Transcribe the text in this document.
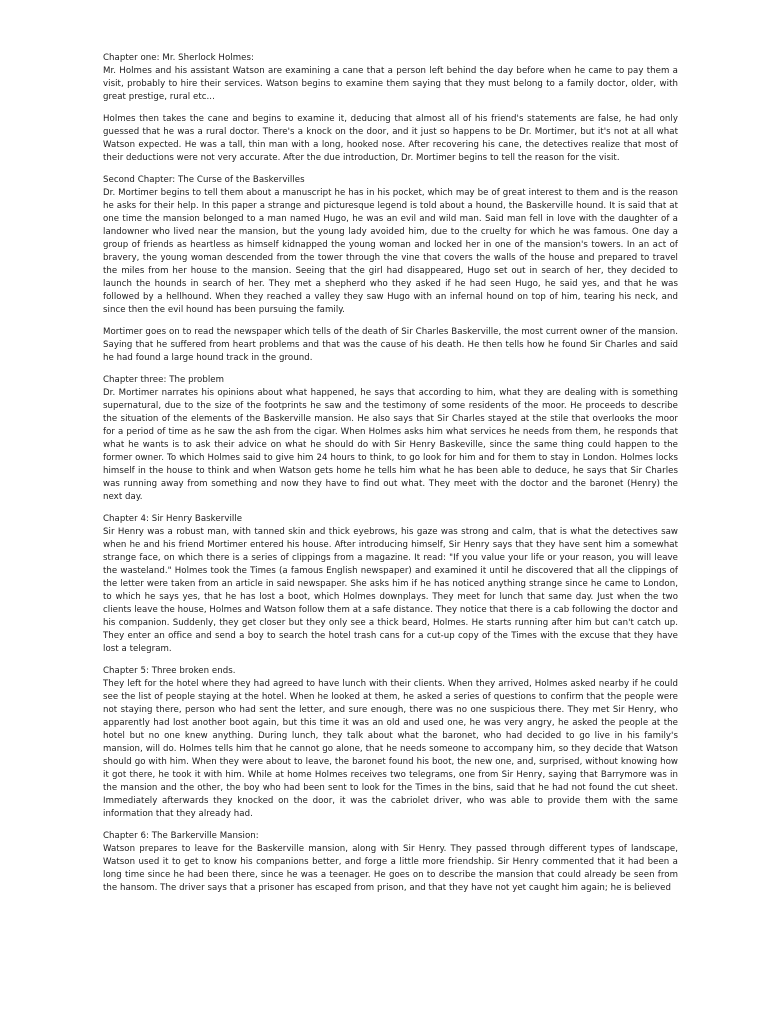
Chapter one: Mr. Sherlock Holmes:

Mr. Holmes and his assistant Watson are examining a cane that a person left behind the day before when he came to pay them a visit, probably to hire their services. Watson begins to examine them saying that they must belong to a family doctor, older, with great prestige, rural etc...

Holmes then takes the cane and begins to examine it, deducing that almost all of his friend's statements are false, he had only guessed that he was a rural doctor. There's a knock on the door, and it just so happens to be Dr. Mortimer, but it's not at all what Watson expected. He was a tall, thin man with a long, hooked nose. After recovering his cane, the detectives realize that most of their deductions were not very accurate. After the due introduction, Dr. Mortimer begins to tell the reason for the visit.

Second Chapter: The Curse of the Baskervilles

Dr. Mortimer begins to tell them about a manuscript he has in his pocket, which may be of great interest to them and is the reason he asks for their help. In this paper a strange and picturesque legend is told about a hound, the Baskerville hound. It is said that at one time the mansion belonged to a man named Hugo, he was an evil and wild man. Said man fell in love with the daughter of a landowner who lived near the mansion, but the young lady avoided him, due to the cruelty for which he was famous. One day a group of friends as heartless as himself kidnapped the young woman and locked her in one of the mansion's towers. In an act of bravery, the young woman descended from the tower through the vine that covers the walls of the house and prepared to travel the miles from her house to the mansion. Seeing that the girl had disappeared, Hugo set out in search of her, they decided to launch the hounds in search of her. They met a shepherd who they asked if he had seen Hugo, he said yes, and that he was followed by a hellhound. When they reached a valley they saw Hugo with an infernal hound on top of him, tearing his neck, and since then the evil hound has been pursuing the family.

Mortimer goes on to read the newspaper which tells of the death of Sir Charles Baskerville, the most current owner of the mansion. Saying that he suffered from heart problems and that was the cause of his death. He then tells how he found Sir Charles and said he had found a large hound track in the ground.

Chapter three: The problem

Dr. Mortimer narrates his opinions about what happened, he says that according to him, what they are dealing with is something supernatural, due to the size of the footprints he saw and the testimony of some residents of the moor. He proceeds to describe the situation of the elements of the Baskerville mansion. He also says that Sir Charles stayed at the stile that overlooks the moor for a period of time as he saw the ash from the cigar. When Holmes asks him what services he needs from them, he responds that what he wants is to ask their advice on what he should do with Sir Henry Baskeville, since the same thing could happen to the former owner. To which Holmes said to give him 24 hours to think, to go look for him and for them to stay in London. Holmes locks himself in the house to think and when Watson gets home he tells him what he has been able to deduce, he says that Sir Charles was running away from something and now they have to find out what. They meet with the doctor and the baronet (Henry) the next day.

Chapter 4: Sir Henry Baskerville

Sir Henry was a robust man, with tanned skin and thick eyebrows, his gaze was strong and calm, that is what the detectives saw when he and his friend Mortimer entered his house. After introducing himself, Sir Henry says that they have sent him a somewhat strange face, on which there is a series of clippings from a magazine. It read: "If you value your life or your reason, you will leave the wasteland." Holmes took the Times (a famous English newspaper) and examined it until he discovered that all the clippings of the letter were taken from an article in said newspaper. She asks him if he has noticed anything strange since he came to London, to which he says yes, that he has lost a boot, which Holmes downplays. They meet for lunch that same day. Just when the two clients leave the house, Holmes and Watson follow them at a safe distance. They notice that there is a cab following the doctor and his companion. Suddenly, they get closer but they only see a thick beard, Holmes. He starts running after him but can't catch up. They enter an office and send a boy to search the hotel trash cans for a cut-up copy of the Times with the excuse that they have lost a telegram.

Chapter 5: Three broken ends.

They left for the hotel where they had agreed to have lunch with their clients. When they arrived, Holmes asked nearby if he could see the list of people staying at the hotel. When he looked at them, he asked a series of questions to confirm that the people were not staying there, person who had sent the letter, and sure enough, there was no one suspicious there. They met Sir Henry, who apparently had lost another boot again, but this time it was an old and used one, he was very angry, he asked the people at the hotel but no one knew anything. During lunch, they talk about what the baronet, who had decided to go live in his family's mansion, will do. Holmes tells him that he cannot go alone, that he needs someone to accompany him, so they decide that Watson should go with him. When they were about to leave, the baronet found his boot, the new one, and, surprised, without knowing how it got there, he took it with him. While at home Holmes receives two telegrams, one from Sir Henry, saying that Barrymore was in the mansion and the other, the boy who had been sent to look for the Times in the bins, said that he had not found the cut sheet. Immediately afterwards they knocked on the door, it was the cabriolet driver, who was able to provide them with the same information that they already had.

Chapter 6: The Barkerville Mansion:

Watson prepares to leave for the Baskerville mansion, along with Sir Henry. They passed through different types of landscape, Watson used it to get to know his companions better, and forge a little more friendship. Sir Henry commented that it had been a long time since he had been there, since he was a teenager. He goes on to describe the mansion that could already be seen from the hansom. The driver says that a prisoner has escaped from prison, and that they have not yet caught him again; he is believed
